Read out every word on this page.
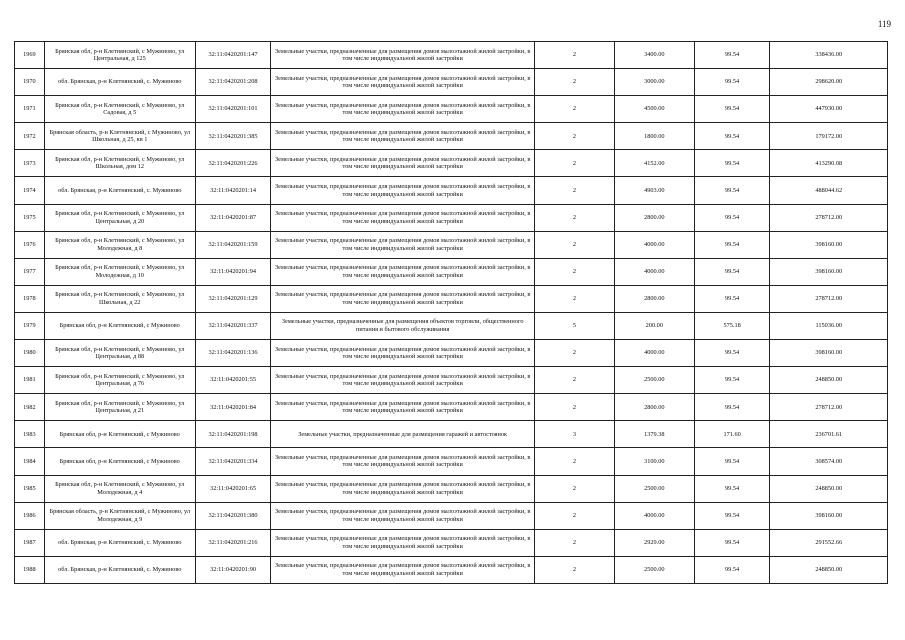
119
1969	Брянская обл, р-н Клетнянский, с Мужиново, ул Центральная, д 125	32:11:0420201:147	Земельные участки, предназначенные для размещения домов малоэтажной жилой застройки, в том числе индивидуальной жилой застройки	2	3400.00	99.54	338436.00
1970	обл. Брянская, р-н Клетнянский, с. Мужиново	32:11:0420201:208	Земельные участки, предназначенные для размещения домов малоэтажной жилой застройки, в том числе индивидуальной жилой застройки	2	3000.00	99.54	298620.00
1971	Брянская обл, р-н Клетнянский, с Мужиново, ул Садовая, д 5	32:11:0420201:101	Земельные участки, предназначенные для размещения домов малоэтажной жилой застройки, в том числе индивидуальной жилой застройки	2	4500.00	99.54	447930.00
1972	Брянская область, р-н Клетнянский, с Мужиново, ул Школьная, д 25, кв 1	32:11:0420201:385	Земельные участки, предназначенные для размещения домов малоэтажной жилой застройки, в том числе индивидуальной жилой застройки	2	1800.00	99.54	179172.00
1973	Брянская обл, р-н Клетнянский, с Мужиново, ул Школьная, дом 12	32:11:0420201:226	Земельные участки, предназначенные для размещения домов малоэтажной жилой застройки, в том числе индивидуальной жилой застройки	2	4152.00	99.54	413290.08
1974	обл. Брянская, р-н Клетнянский, с. Мужиново	32:11:0420201:14	Земельные участки, предназначенные для размещения домов малоэтажной жилой застройки, в том числе индивидуальной жилой застройки	2	4903.00	99.54	488044.62
1975	Брянская обл, р-н Клетнянский, с Мужиново, ул Центральная, д 20	32:11:0420201:87	Земельные участки, предназначенные для размещения домов малоэтажной жилой застройки, в том числе индивидуальной жилой застройки	2	2800.00	99.54	278712.00
1976	Брянская обл, р-н Клетнянский, с Мужиново, ул Молодежная, д 8	32:11:0420201:159	Земельные участки, предназначенные для размещения домов малоэтажной жилой застройки, в том числе индивидуальной жилой застройки	2	4000.00	99.54	398160.00
1977	Брянская обл, р-н Клетнянский, с Мужиново, ул Молодежная, д 10	32:11:0420201:94	Земельные участки, предназначенные для размещения домов малоэтажной жилой застройки, в том числе индивидуальной жилой застройки	2	4000.00	99.54	398160.00
1978	Брянская обл, р-н Клетнянский, с Мужиново, ул Школьная, д 22	32:11:0420201:129	Земельные участки, предназначенные для размещения домов малоэтажной жилой застройки, в том числе индивидуальной жилой застройки	2	2800.00	99.54	278712.00
1979	Брянская обл, р-н Клетнянский, с Мужиново	32:11:0420201:337	Земельные участки, предназначенные для размещения объектов торговли, общественного питания и бытового обслуживания	5	200.00	575.18	115036.00
1980	Брянская обл, р-н Клетнянский, с Мужиново, ул Центральная, д 88	32:11:0420201:136	Земельные участки, предназначенные для размещения домов малоэтажной жилой застройки, в том числе индивидуальной жилой застройки	2	4000.00	99.54	398160.00
1981	Брянская обл, р-н Клетнянский, с Мужиново, ул Центральная, д 76	32:11:0420201:55	Земельные участки, предназначенные для размещения домов малоэтажной жилой застройки, в том числе индивидуальной жилой застройки	2	2500.00	99.54	248850.00
1982	Брянская обл, р-н Клетнянский, с Мужиново, ул Центральная, д 21	32:11:0420201:84	Земельные участки, предназначенные для размещения домов малоэтажной жилой застройки, в том числе индивидуальной жилой застройки	2	2800.00	99.54	278712.00
1983	Брянская обл, р-н Клетнянский, с Мужиново	32:11:0420201:198	Земельные участки, предназначенные для размещения гаражей и автостоянок	3	1379.38	171.60	236701.61
1984	Брянская обл, р-н Клетнянский, с Мужиново	32:11:0420201:334	Земельные участки, предназначенные для размещения домов малоэтажной жилой застройки, в том числе индивидуальной жилой застройки	2	3100.00	99.54	308574.00
1985	Брянская обл, р-н Клетнянский, с Мужиново, ул Молодежная, д 4	32:11:0420201:65	Земельные участки, предназначенные для размещения домов малоэтажной жилой застройки, в том числе индивидуальной жилой застройки	2	2500.00	99.54	248850.00
1986	Брянская область, р-н Клетнянский, с Мужиново, ул Молодежная, д 9	32:11:0420201:380	Земельные участки, предназначенные для размещения домов малоэтажной жилой застройки, в том числе индивидуальной жилой застройки	2	4000.00	99.54	398160.00
1987	обл. Брянская, р-н Клетнянский, с. Мужиново	32:11:0420201:216	Земельные участки, предназначенные для размещения домов малоэтажной жилой застройки, в том числе индивидуальной жилой застройки	2	2929.00	99.54	291552.66
1988	обл. Брянская, р-н Клетнянский, с. Мужиново	32:11:0420201:90	Земельные участки, предназначенные для размещения домов малоэтажной жилой застройки, в том числе индивидуальной жилой застройки	2	2500.00	99.54	248850.00
